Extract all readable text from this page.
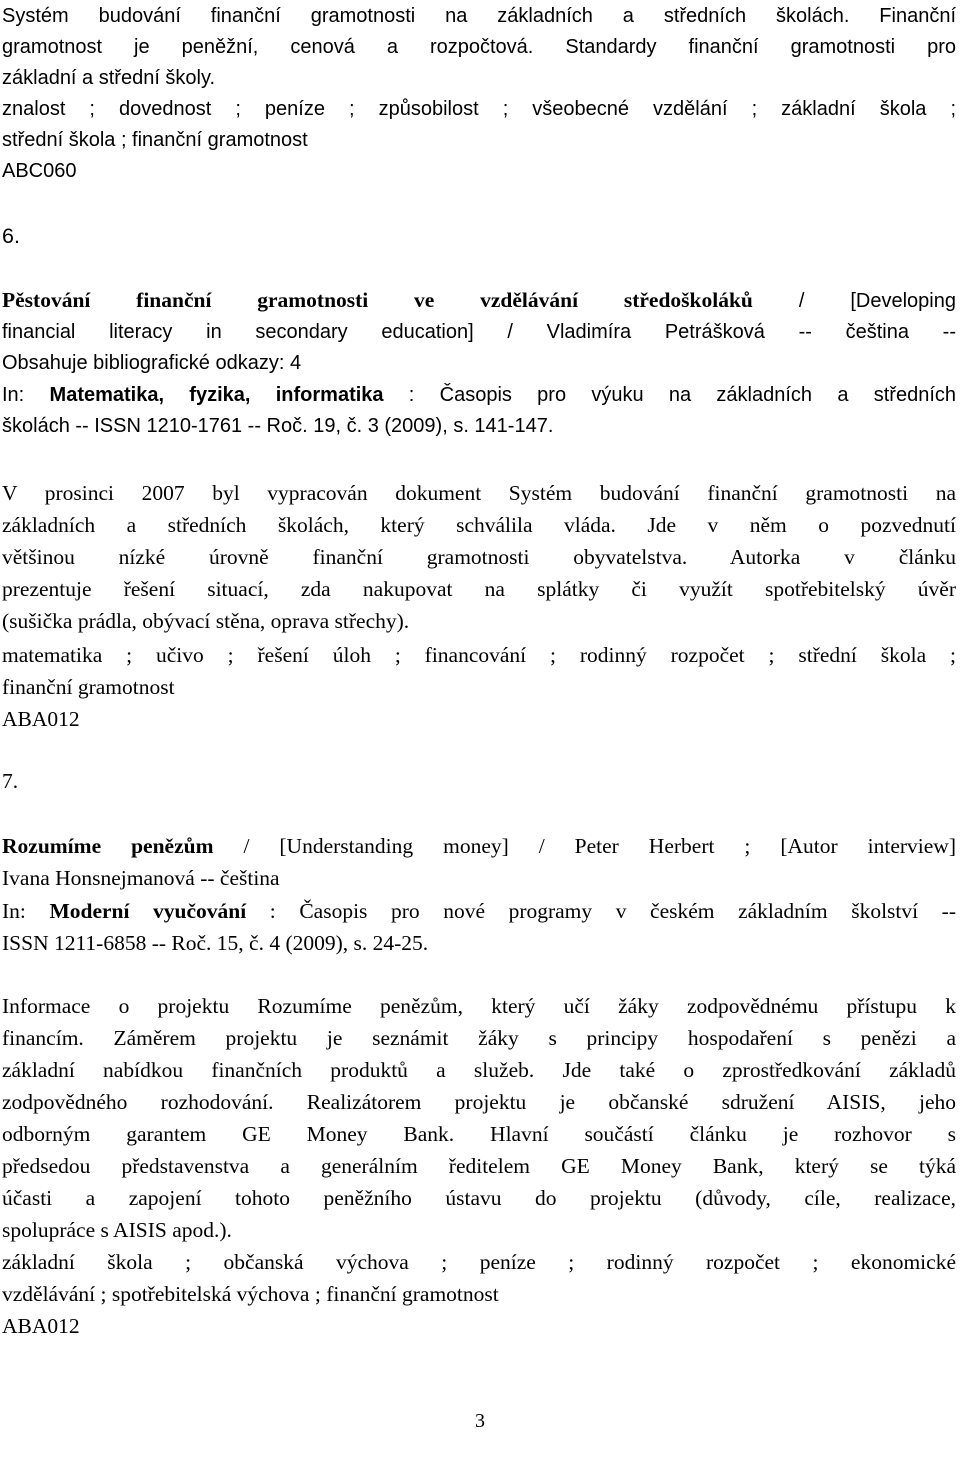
Systém budování finanční gramotnosti na základních a středních školách. Finanční
gramotnost je peněžní, cenová a rozpočtová. Standardy finanční gramotnosti pro
základní a střední školy.
znalost ; dovednost ; peníze ; způsobilost ; všeobecné vzdělání ; základní škola ;
střední škola ; finanční gramotnost
ABC060
6.
Pěstování finanční gramotnosti ve vzdělávání středoškoláků / [Developing
financial literacy in secondary education] / Vladimíra Petrášková -- čeština --
Obsahuje bibliografické odkazy: 4
In: Matematika, fyzika, informatika : Časopis pro výuku na základních a středních
školách -- ISSN 1210-1761 -- Roč. 19, č. 3 (2009), s. 141-147.
V prosinci 2007 byl vypracován dokument Systém budování finanční gramotnosti na
základních a středních školách, který schválila vláda. Jde v něm o pozvednutí
většinou nízké úrovně finanční gramotnosti obyvatelstva. Autorka v článku
prezentuje řešení situací, zda nakupovat na splátky či využít spotřebitelský úvěr
(sušička prádla, obývací stěna, oprava střechy).
matematika ; učivo ; řešení úloh ; financování ; rodinný rozpočet ; střední škola ;
finanční gramotnost
ABA012
7.
Rozumíme penězům / [Understanding money] / Peter Herbert ; [Autor interview]
Ivana Honsnejmanová -- čeština
In: Moderní vyučování : Časopis pro nové programy v českém základním školství --
ISSN 1211-6858 -- Roč. 15, č. 4 (2009), s. 24-25.
Informace o projektu Rozumíme penězům, který učí žáky zodpovědnému přístupu k
financím. Záměrem projektu je seznámit žáky s principy hospodaření s penězi a
základní nabídkou finančních produktů a služeb. Jde také o zprostředkování základů
zodpovědného rozhodování. Realizátorem projektu je občanské sdružení AISIS, jeho
odborným garantem GE Money Bank. Hlavní součástí článku je rozhovor s
předsedou představenstva a generálním ředitelem GE Money Bank, který se týká
účasti a zapojení tohoto peněžního ústavu do projektu (důvody, cíle, realizace,
spolupráce s AISIS apod.).
základní škola ; občanská výchova ; peníze ; rodinný rozpočet ; ekonomické
vzdělávání ; spotřebitelská výchova ; finanční gramotnost
ABA012
3
